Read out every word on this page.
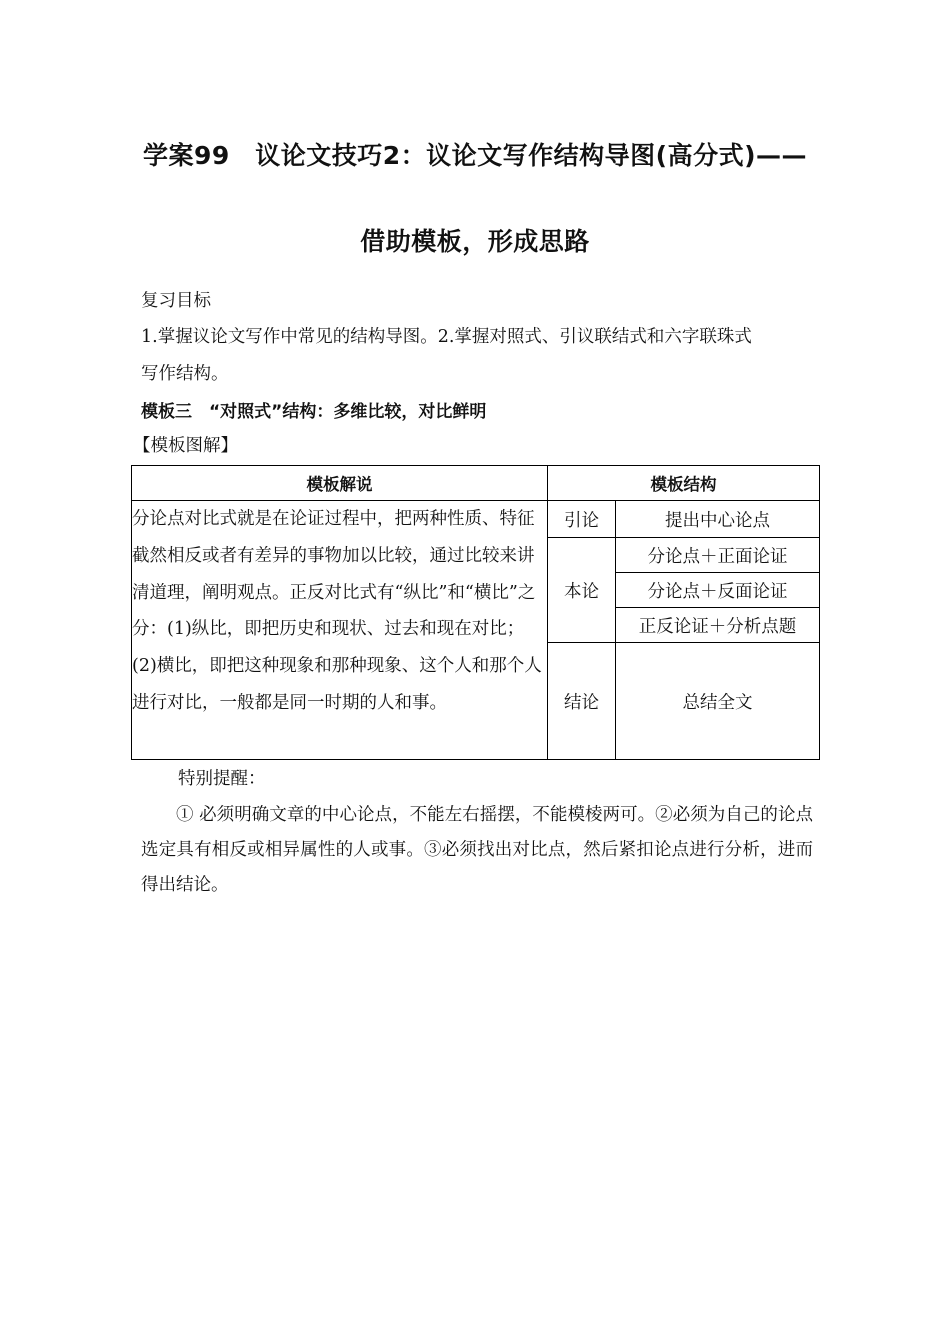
学案99　议论文技巧2：议论文写作结构导图(高分式)——
借助模板，形成思路
复习目标
1.掌握议论文写作中常见的结构导图。2.掌握对照式、引议联结式和六字联珠式
写作结构。
模板三　“对照式”结构：多维比较，对比鲜明
【模板图解】
模板解说	模板结构	
分论点对比式就是在论证过程中，把两种性质、特征截然相反或者有差异的事物加以比较，通过比较来讲清道理，阐明观点。正反对比式有“纵比”和“横比”之分：(1)纵比，即把历史和现状、过去和现在对比；(2)横比，即把这种现象和那种现象、这个人和那个人进行对比，一般都是同一时期的人和事。	引论	提出中心论点
	本论	分论点＋正面论证
		分论点＋反面论证
		正反论证＋分析点题
	结论	总结全文
特别提醒：
① 必须明确文章的中心论点，不能左右摇摆，不能模棱两可。②必须为自己的论点选定具有相反或相异属性的人或事。③必须找出对比点，然后紧扣论点进行分析，进而得出结论。
